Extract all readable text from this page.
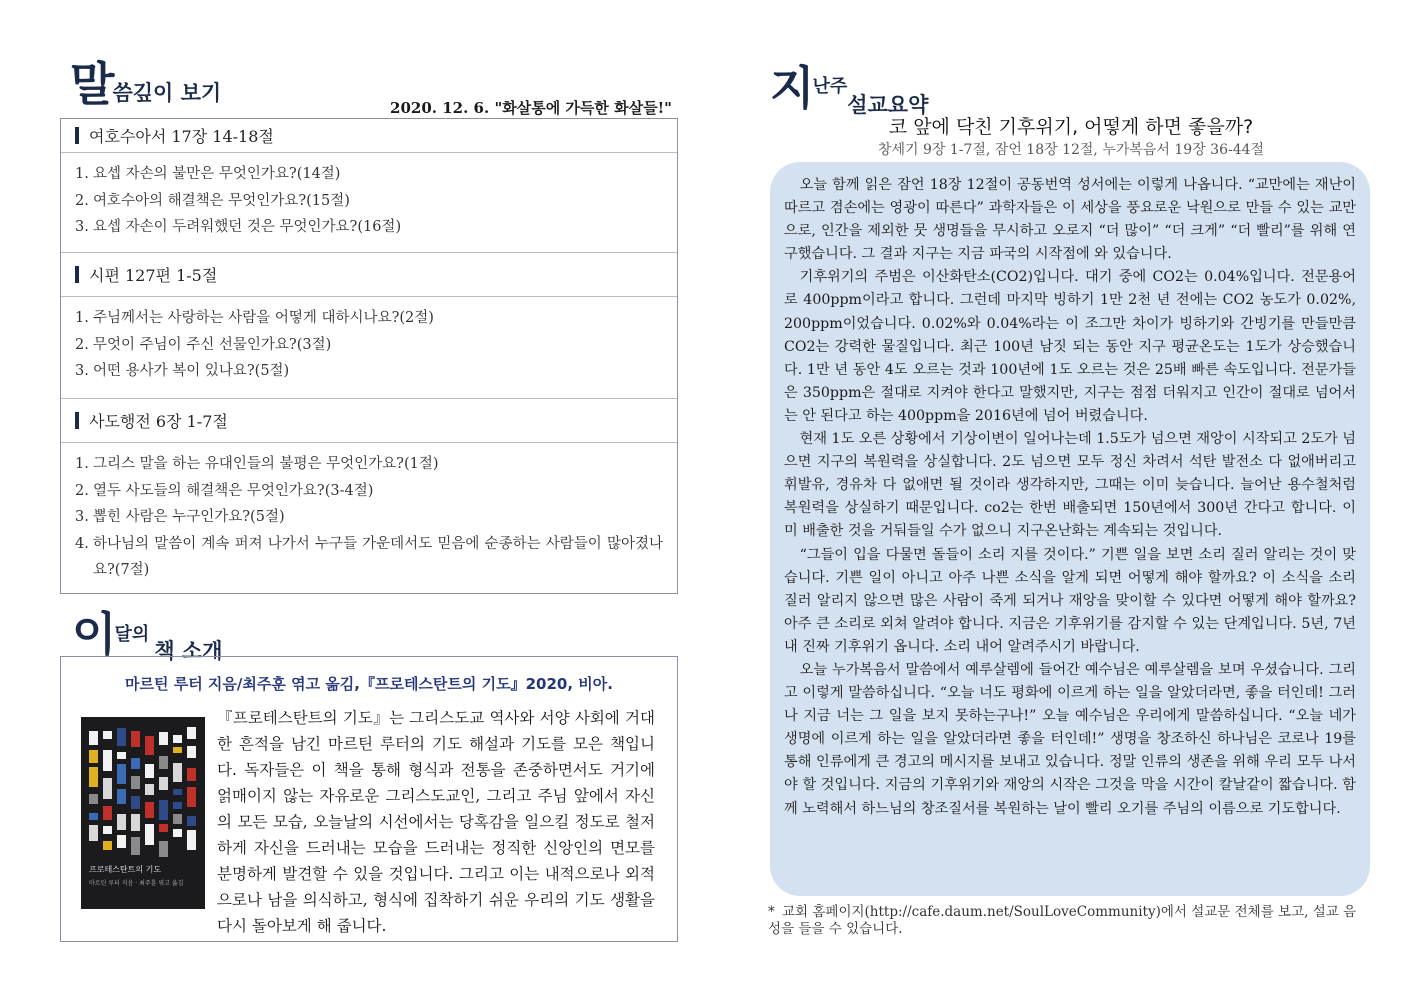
말씀깊이 보기
2020. 12. 6. "화살통에 가득한 화살들!"
여호수아서 17장 14-18절
1. 요셉 자손의 불만은 무엇인가요?(14절)
2. 여호수아의 해결책은 무엇인가요?(15절)
3. 요셉 자손이 두려워했던 것은 무엇인가요?(16절)
시편 127편 1-5절
1. 주님께서는 사랑하는 사람을 어떻게 대하시나요?(2절)
2. 무엇이 주님이 주신 선물인가요?(3절)
3. 어떤 용사가 복이 있나요?(5절)
사도행전 6장 1-7절
1. 그리스 말을 하는 유대인들의 불평은 무엇인가요?(1절)
2. 열두 사도들의 해결책은 무엇인가요?(3-4절)
3. 뽑힌 사람은 누구인가요?(5절)
4. 하나님의 말씀이 계속 퍼져 나가서 누구들 가운데서도 믿음에 순종하는 사람들이 많아졌나요?(7절)
이달의 책 소개
마르틴 루터 지음/최주훈 엮고 옮김,『프로테스탄트의 기도』2020, 비아.
프로테스탄트의 기도
마르틴 루터 지음 · 최주훈 엮고 옮김
『프로테스탄트의 기도』는 그리스도교 역사와 서양 사회에 거대한 흔적을 남긴 마르틴 루터의 기도 해설과 기도를 모은 책입니다. 독자들은 이 책을 통해 형식과 전통을 존중하면서도 거기에 얽매이지 않는 자유로운 그리스도교인, 그리고 주님 앞에서 자신의 모든 모습, 오늘날의 시선에서는 당혹감을 일으킬 정도로 철저하게 자신을 드러내는 모습을 드러내는 정직한 신앙인의 면모를 분명하게 발견할 수 있을 것입니다. 그리고 이는 내적으로나 외적으로나 남을 의식하고, 형식에 집착하기 쉬운 우리의 기도 생활을 다시 돌아보게 해 줍니다.
지난주설교요약
코 앞에 닥친 기후위기, 어떻게 하면 좋을까?
창세기 9장 1-7절, 잠언 18장 12절, 누가복음서 19장 36-44절

오늘 함께 읽은 잠언 18장 12절이 공동번역 성서에는 이렇게 나옵니다. “교만에는 재난이 따르고 겸손에는 영광이 따른다” 과학자들은 이 세상을 풍요로운 낙원으로 만들 수 있는 교만으로, 인간을 제외한 뭇 생명들을 무시하고 오로지 “더 많이” “더 크게” “더 빨리”를 위해 연구했습니다. 그 결과 지구는 지금 파국의 시작점에 와 있습니다.

기후위기의 주범은 이산화탄소(CO2)입니다. 대기 중에 CO2는 0.04%입니다. 전문용어로 400ppm이라고 합니다. 그런데 마지막 빙하기 1만 2천 년 전에는 CO2 농도가 0.02%, 200ppm이었습니다. 0.02%와 0.04%라는 이 조그만 차이가 빙하기와 간빙기를 만들만큼 CO2는 강력한 물질입니다. 최근 100년 남짓 되는 동안 지구 평균온도는 1도가 상승했습니다. 1만 년 동안 4도 오르는 것과 100년에 1도 오르는 것은 25배 빠른 속도입니다. 전문가들은 350ppm은 절대로 지켜야 한다고 말했지만, 지구는 점점 더워지고 인간이 절대로 넘어서는 안 된다고 하는 400ppm을 2016년에 넘어 버렸습니다.

현재 1도 오른 상황에서 기상이변이 일어나는데 1.5도가 넘으면 재앙이 시작되고 2도가 넘으면 지구의 복원력을 상실합니다. 2도 넘으면 모두 정신 차려서 석탄 발전소 다 없애버리고 휘발유, 경유차 다 없애면 될 것이라 생각하지만, 그때는 이미 늦습니다. 늘어난 용수철처럼 복원력을 상실하기 때문입니다. co2는 한번 배출되면 150년에서 300년 간다고 합니다. 이미 배출한 것을 거둬들일 수가 없으니 지구온난화는 계속되는 것입니다.

“그들이 입을 다물면 돌들이 소리 지를 것이다.” 기쁜 일을 보면 소리 질러 알리는 것이 맞습니다. 기쁜 일이 아니고 아주 나쁜 소식을 알게 되면 어떻게 해야 할까요? 이 소식을 소리 질러 알리지 않으면 많은 사람이 죽게 되거나 재앙을 맞이할 수 있다면 어떻게 해야 할까요? 아주 큰 소리로 외쳐 알려야 합니다. 지금은 기후위기를 감지할 수 있는 단계입니다. 5년, 7년 내 진짜 기후위기 옵니다. 소리 내어 알려주시기 바랍니다.

오늘 누가복음서 말씀에서 예루살렘에 들어간 예수님은 예루살렘을 보며 우셨습니다. 그리고 이렇게 말씀하십니다. “오늘 너도 평화에 이르게 하는 일을 알았더라면, 좋을 터인데! 그러나 지금 너는 그 일을 보지 못하는구나!” 오늘 예수님은 우리에게 말씀하십니다. “오늘 네가 생명에 이르게 하는 일을 알았더라면 좋을 터인데!” 생명을 창조하신 하나님은 코로나 19를 통해 인류에게 큰 경고의 메시지를 보내고 있습니다. 정말 인류의 생존을 위해 우리 모두 나서야 할 것입니다. 지금의 기후위기와 재앙의 시작은 그것을 막을 시간이 칼날같이 짧습니다. 함께 노력해서 하느님의 창조질서를 복원하는 날이 빨리 오기를 주님의 이름으로 기도합니다.

* 교회 홈페이지(http://cafe.daum.net/SoulLoveCommunity)에서 설교문 전체를 보고, 설교 음성을 들을 수 있습니다.
